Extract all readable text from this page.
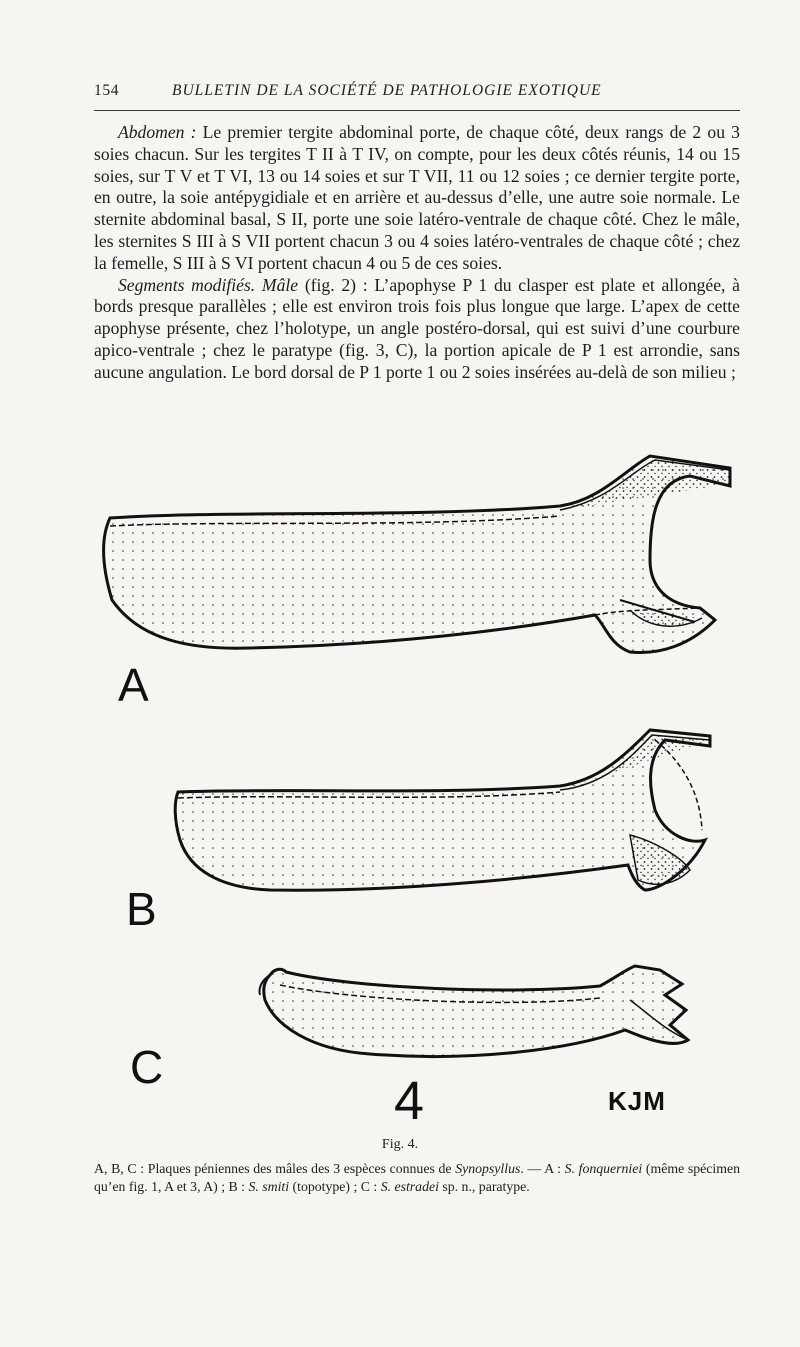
154	BULLETIN DE LA SOCIÉTÉ DE PATHOLOGIE EXOTIQUE

Abdomen : Le premier tergite abdominal porte, de chaque côté, deux rangs de 2 ou 3 soies chacun. Sur les tergites T II à T IV, on compte, pour les deux côtés réunis, 14 ou 15 soies, sur T V et T VI, 13 ou 14 soies et sur T VII, 11 ou 12 soies ; ce dernier tergite porte, en outre, la soie antépygidiale et en arrière et au-dessus d’elle, une autre soie normale. Le sternite abdominal basal, S II, porte une soie latéro-ventrale de chaque côté. Chez le mâle, les sternites S III à S VII portent chacun 3 ou 4 soies latéro-ventrales de chaque côté ; chez la femelle, S III à S VI portent chacun 4 ou 5 de ces soies.

Segments modifiés. Mâle (fig. 2) : L’apophyse P 1 du clasper est plate et allongée, à bords presque parallèles ; elle est environ trois fois plus longue que large. L’apex de cette apophyse présente, chez l’holotype, un angle postéro-dorsal, qui est suivi d’une courbure apico-ventrale ; chez le paratype (fig. 3, C), la portion apicale de P 1 est arrondie, sans aucune angulation. Le bord dorsal de P 1 porte 1 ou 2 soies insérées au-delà de son milieu ;

A
B
C
4	KJM
Fig. 4.
A, B, C : Plaques péniennes des mâles des 3 espèces connues de Synopsyllus. — A : S. fonquerniei (même spécimen qu’en fig. 1, A et 3, A) ; B : S. smiti (topotype) ; C : S. estradei sp. n., paratype.
